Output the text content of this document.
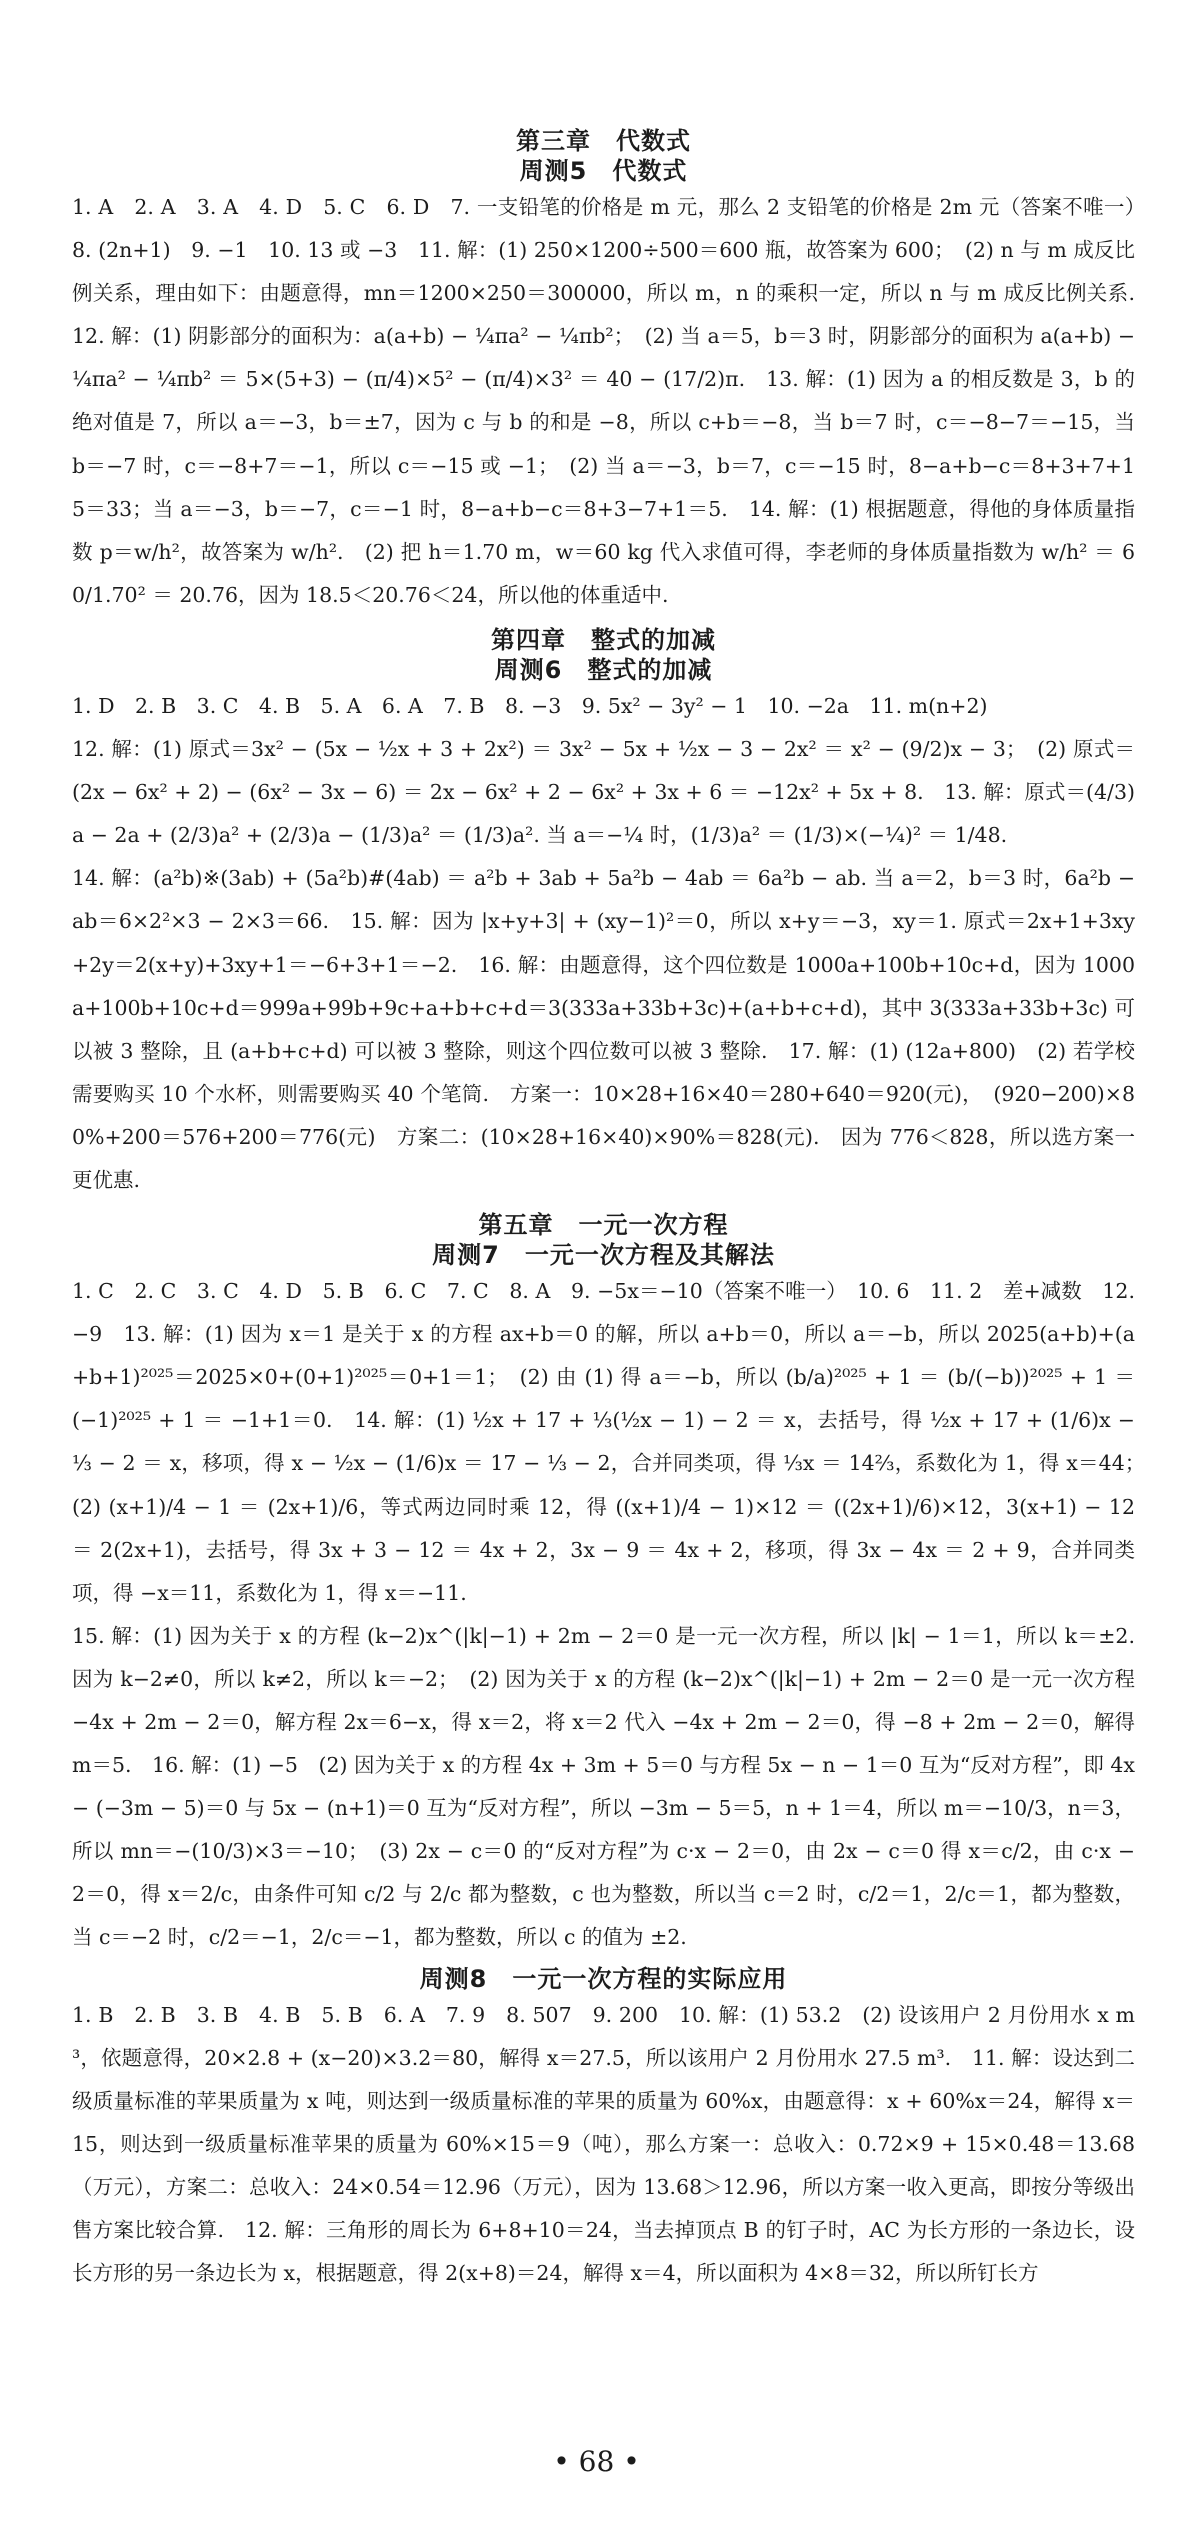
第三章　代数式
周测5　代数式

1. A　2. A　3. A　4. D　5. C　6. D　7. 一支铅笔的价格是 m 元，那么 2 支铅笔的价格是 2m 元（答案不唯一）　8. (2n+1)　9. −1　10. 13 或 −3　11. 解：(1) 250×1200÷500＝600 瓶，故答案为 600；　(2) n 与 m 成反比例关系，理由如下：由题意得，mn＝1200×250＝300000，所以 m，n 的乘积一定，所以 n 与 m 成反比例关系.　12. 解：(1) 阴影部分的面积为：a(a+b) − ¼πa² − ¼πb²；　(2) 当 a＝5，b＝3 时，阴影部分的面积为 a(a+b) − ¼πa² − ¼πb² ＝ 5×(5+3) − (π/4)×5² − (π/4)×3² ＝ 40 − (17/2)π.　13. 解：(1) 因为 a 的相反数是 3，b 的绝对值是 7，所以 a＝−3，b＝±7，因为 c 与 b 的和是 −8，所以 c+b＝−8，当 b＝7 时，c＝−8−7＝−15，当 b＝−7 时，c＝−8+7＝−1，所以 c＝−15 或 −1；　(2) 当 a＝−3，b＝7，c＝−15 时，8−a+b−c＝8+3+7+15＝33；当 a＝−3，b＝−7，c＝−1 时，8−a+b−c＝8+3−7+1＝5.　14. 解：(1) 根据题意，得他的身体质量指数 p＝w/h²，故答案为 w/h².　(2) 把 h＝1.70 m，w＝60 kg 代入求值可得，李老师的身体质量指数为 w/h² ＝ 60/1.70² ＝ 20.76，因为 18.5＜20.76＜24，所以他的体重适中.

第四章　整式的加减
周测6　整式的加减

1. D　2. B　3. C　4. B　5. A　6. A　7. B　8. −3　9. 5x² − 3y² − 1　10. −2a　11. m(n+2)

12. 解：(1) 原式＝3x² − (5x − ½x + 3 + 2x²) ＝ 3x² − 5x + ½x − 3 − 2x² ＝ x² − (9/2)x − 3；　(2) 原式＝(2x − 6x² + 2) − (6x² − 3x − 6) ＝ 2x − 6x² + 2 − 6x² + 3x + 6 ＝ −12x² + 5x + 8.　13. 解：原式＝(4/3)a − 2a + (2/3)a² + (2/3)a − (1/3)a² ＝ (1/3)a². 当 a＝−¼ 时，(1/3)a² ＝ (1/3)×(−¼)² ＝ 1/48.

14. 解：(a²b)※(3ab) + (5a²b)#(4ab) ＝ a²b + 3ab + 5a²b − 4ab ＝ 6a²b − ab. 当 a＝2，b＝3 时，6a²b − ab＝6×2²×3 − 2×3＝66.　15. 解：因为 |x+y+3| + (xy−1)²＝0，所以 x+y＝−3，xy＝1. 原式＝2x+1+3xy+2y＝2(x+y)+3xy+1＝−6+3+1＝−2.　16. 解：由题意得，这个四位数是 1000a+100b+10c+d，因为 1000a+100b+10c+d＝999a+99b+9c+a+b+c+d＝3(333a+33b+3c)+(a+b+c+d)，其中 3(333a+33b+3c) 可以被 3 整除，且 (a+b+c+d) 可以被 3 整除，则这个四位数可以被 3 整除.　17. 解：(1) (12a+800)　(2) 若学校需要购买 10 个水杯，则需要购买 40 个笔筒.　方案一：10×28+16×40＝280+640＝920(元)，　(920−200)×80%+200＝576+200＝776(元)　方案二：(10×28+16×40)×90%＝828(元).　因为 776＜828，所以选方案一更优惠.

第五章　一元一次方程
周测7　一元一次方程及其解法

1. C　2. C　3. C　4. D　5. B　6. C　7. C　8. A　9. −5x＝−10（答案不唯一）　10. 6　11. 2　差+减数　12. −9　13. 解：(1) 因为 x＝1 是关于 x 的方程 ax+b＝0 的解，所以 a+b＝0，所以 a＝−b，所以 2025(a+b)+(a+b+1)²⁰²⁵＝2025×0+(0+1)²⁰²⁵＝0+1＝1；　(2) 由 (1) 得 a＝−b，所以 (b/a)²⁰²⁵ + 1 ＝ (b/(−b))²⁰²⁵ + 1 ＝ (−1)²⁰²⁵ + 1 ＝ −1+1＝0.　14. 解：(1) ½x + 17 + ⅓(½x − 1) − 2 ＝ x，去括号，得 ½x + 17 + (1/6)x − ⅓ − 2 ＝ x，移项，得 x − ½x − (1/6)x ＝ 17 − ⅓ − 2，合并同类项，得 ⅓x ＝ 14⅔，系数化为 1，得 x＝44；　(2) (x+1)/4 − 1 ＝ (2x+1)/6，等式两边同时乘 12，得 ((x+1)/4 − 1)×12 ＝ ((2x+1)/6)×12，3(x+1) − 12 ＝ 2(2x+1)，去括号，得 3x + 3 − 12 ＝ 4x + 2，3x − 9 ＝ 4x + 2，移项，得 3x − 4x ＝ 2 + 9，合并同类项，得 −x＝11，系数化为 1，得 x＝−11.

15. 解：(1) 因为关于 x 的方程 (k−2)x^(|k|−1) + 2m − 2＝0 是一元一次方程，所以 |k| − 1＝1，所以 k＝±2. 因为 k−2≠0，所以 k≠2，所以 k＝−2；　(2) 因为关于 x 的方程 (k−2)x^(|k|−1) + 2m − 2＝0 是一元一次方程 −4x + 2m − 2＝0，解方程 2x＝6−x，得 x＝2，将 x＝2 代入 −4x + 2m − 2＝0，得 −8 + 2m − 2＝0，解得 m＝5.　16. 解：(1) −5　(2) 因为关于 x 的方程 4x + 3m + 5＝0 与方程 5x − n − 1＝0 互为“反对方程”，即 4x − (−3m − 5)＝0 与 5x − (n+1)＝0 互为“反对方程”，所以 −3m − 5＝5，n + 1＝4，所以 m＝−10/3，n＝3，所以 mn＝−(10/3)×3＝−10；　(3) 2x − c＝0 的“反对方程”为 c·x − 2＝0，由 2x − c＝0 得 x＝c/2，由 c·x − 2＝0，得 x＝2/c，由条件可知 c/2 与 2/c 都为整数，c 也为整数，所以当 c＝2 时，c/2＝1，2/c＝1，都为整数，当 c＝−2 时，c/2＝−1，2/c＝−1，都为整数，所以 c 的值为 ±2.

周测8　一元一次方程的实际应用

1. B　2. B　3. B　4. B　5. B　6. A　7. 9　8. 507　9. 200　10. 解：(1) 53.2　(2) 设该用户 2 月份用水 x m³，依题意得，20×2.8 + (x−20)×3.2＝80，解得 x＝27.5，所以该用户 2 月份用水 27.5 m³.　11. 解：设达到二级质量标准的苹果质量为 x 吨，则达到一级质量标准的苹果的质量为 60%x，由题意得：x + 60%x＝24，解得 x＝15，则达到一级质量标准苹果的质量为 60%×15＝9（吨），那么方案一：总收入：0.72×9 + 15×0.48＝13.68（万元），方案二：总收入：24×0.54＝12.96（万元），因为 13.68＞12.96，所以方案一收入更高，即按分等级出售方案比较合算.　12. 解：三角形的周长为 6+8+10＝24，当去掉顶点 B 的钉子时，AC 为长方形的一条边长，设长方形的另一条边长为 x，根据题意，得 2(x+8)＝24，解得 x＝4，所以面积为 4×8＝32，所以所钉长方

• 68 •
